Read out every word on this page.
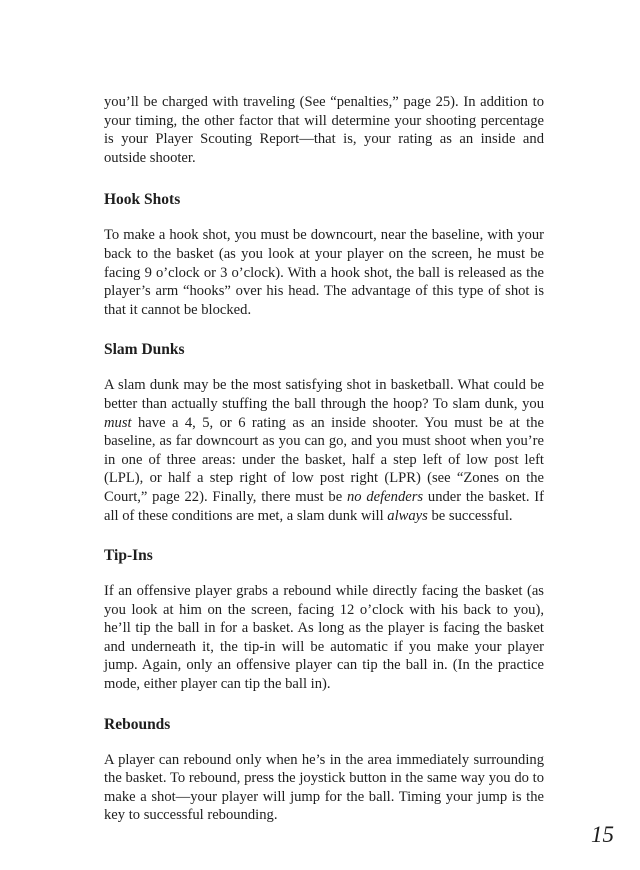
you’ll be charged with traveling (See “penalties,” page 25). In addition to your timing, the other factor that will determine your shooting percentage is your Player Scouting Report—that is, your rating as an inside and outside shooter.

Hook Shots

To make a hook shot, you must be downcourt, near the baseline, with your back to the basket (as you look at your player on the screen, he must be facing 9 o’clock or 3 o’clock). With a hook shot, the ball is released as the player’s arm “hooks” over his head. The advantage of this type of shot is that it cannot be blocked.

Slam Dunks

A slam dunk may be the most satisfying shot in basketball. What could be better than actually stuffing the ball through the hoop? To slam dunk, you must have a 4, 5, or 6 rating as an inside shooter. You must be at the baseline, as far downcourt as you can go, and you must shoot when you’re in one of three areas: under the basket, half a step left of low post left (LPL), or half a step right of low post right (LPR) (see “Zones on the Court,” page 22). Finally, there must be no defenders under the basket. If all of these conditions are met, a slam dunk will always be successful.

Tip-Ins

If an offensive player grabs a rebound while directly facing the basket (as you look at him on the screen, facing 12 o’clock with his back to you), he’ll tip the ball in for a basket. As long as the player is facing the basket and underneath it, the tip-in will be automatic if you make your player jump. Again, only an offensive player can tip the ball in. (In the practice mode, either player can tip the ball in).

Rebounds

A player can rebound only when he’s in the area immediately surrounding the basket. To rebound, press the joystick button in the same way you do to make a shot—your player will jump for the ball. Timing your jump is the key to successful rebounding.

15
